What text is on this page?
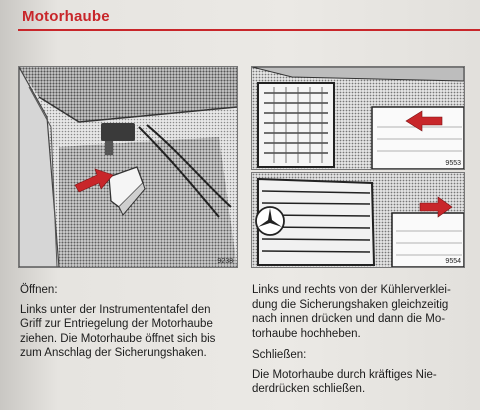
Motorhaube
9238
9553
9554

Öffnen:

Links unter der Instrumententafel den

Griff zur Entriegelung der Motorhaube

ziehen. Die Motorhaube öffnet sich bis

zum Anschlag der Sicherungshaken.

Links und rechts von der Kühlerverklei-

dung die Sicherungshaken gleichzeitig

nach innen drücken und dann die Mo-

torhaube hochheben.

Schließen:

Die Motorhaube durch kräftiges Nie-

derdrücken schließen.
